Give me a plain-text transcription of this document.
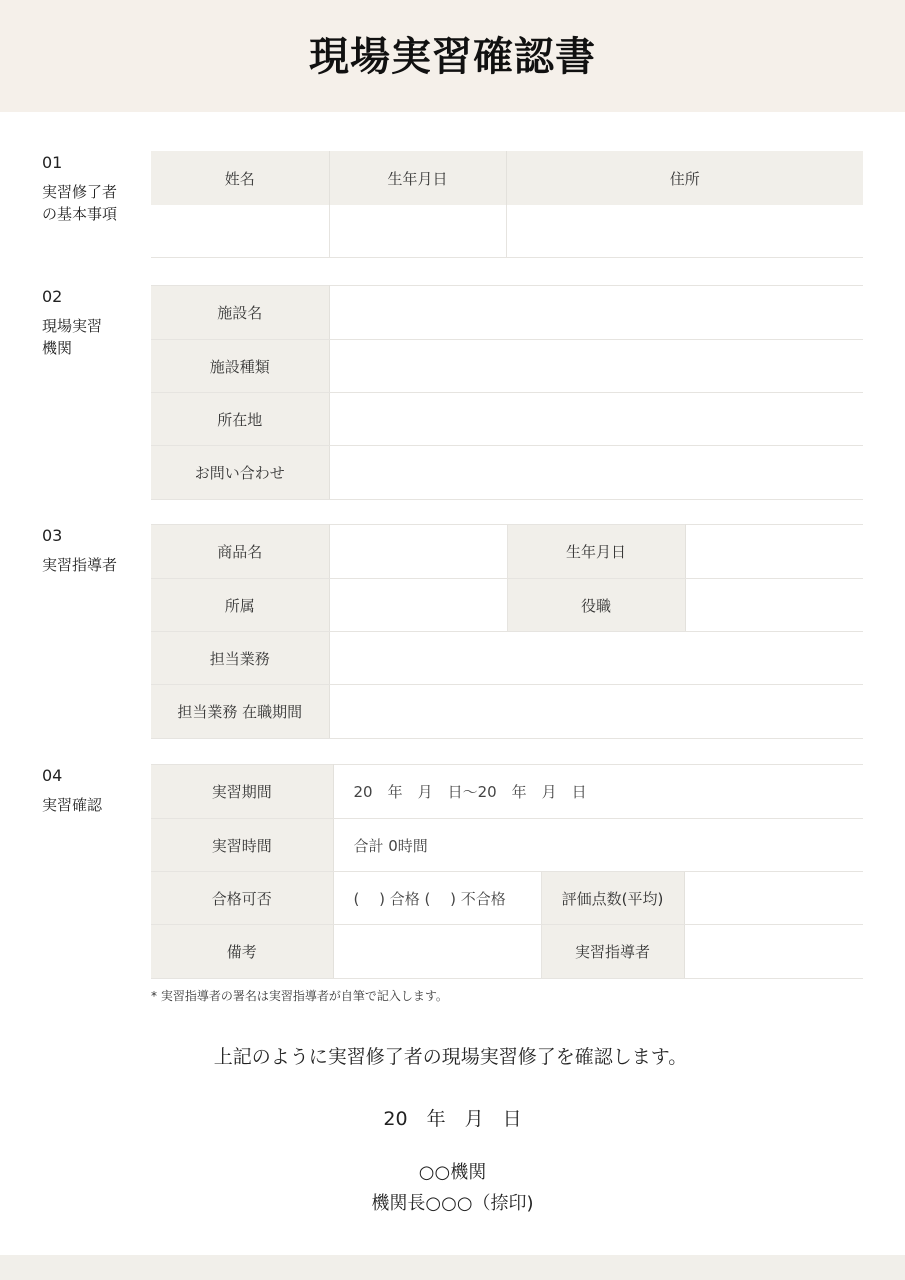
現場実習確認書
01
実習修了者
の基本事項
姓名	生年月日	住所

02
現場実習
機関
施設名	
施設種類	
所在地	
お問い合わせ	
03
実習指導者
商品名		生年月日	
所属		役職	
担当業務			
担当業務 在職期間			
04
実習確認
実習期間	20　年　月　日～20　年　月　日		
実習時間	合計 0時間		
合格可否	(　 ) 合格 (　 ) 不合格	評価点数(平均)	
備考		実習指導者	
* 実習指導者の署名は実習指導者が自筆で記入します。
上記のように実習修了者の現場実習修了を確認します。
20　年　月　日
○○機関
機関長○○○（捺印)
